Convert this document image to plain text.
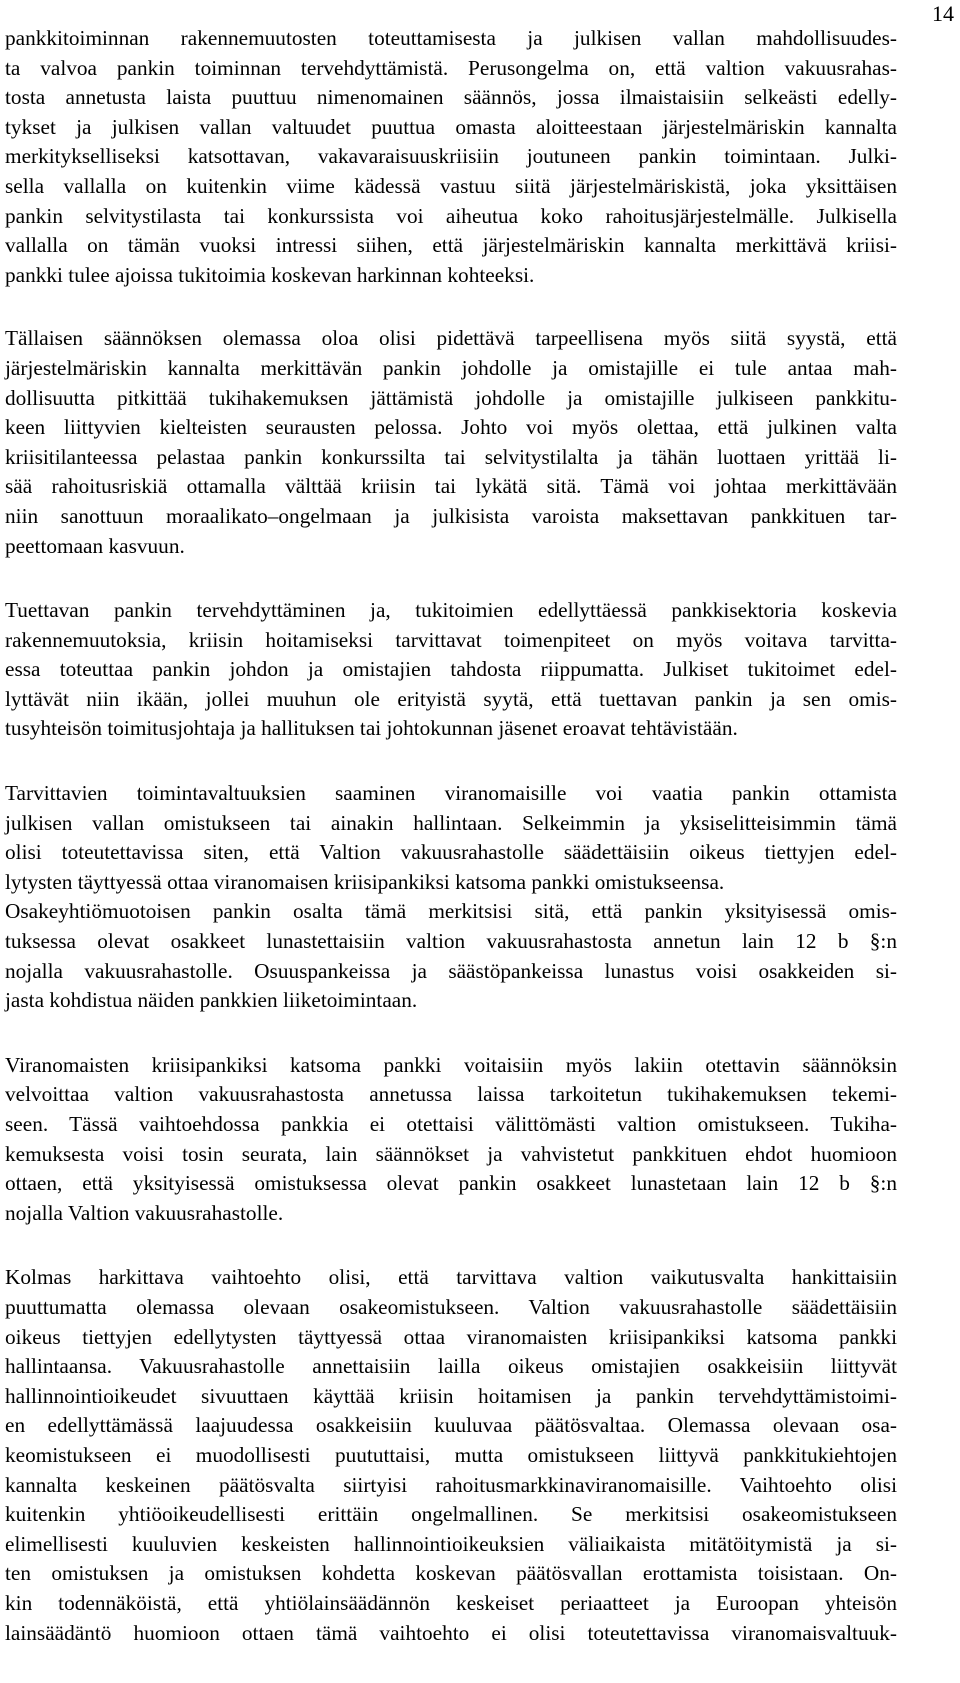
14
pankkitoiminnan rakennemuutosten toteuttamisesta ja julkisen vallan mahdollisuudes-
ta valvoa pankin toiminnan tervehdyttämistä. Perusongelma on, että valtion vakuusrahas-
tosta annetusta laista puuttuu nimenomainen säännös, jossa ilmaistaisiin selkeästi edelly-
tykset ja julkisen vallan valtuudet puuttua omasta aloitteestaan järjestelmäriskin kannalta
merkitykselliseksi katsottavan, vakavaraisuuskriisiin joutuneen pankin toimintaan. Julki-
sella vallalla on kuitenkin viime kädessä vastuu siitä järjestelmäriskistä, joka yksittäisen
pankin selvitystilasta tai konkurssista voi aiheutua koko rahoitusjärjestelmälle. Julkisella
vallalla on tämän vuoksi intressi siihen, että järjestelmäriskin kannalta merkittävä kriisi-
pankki tulee ajoissa tukitoimia koskevan harkinnan kohteeksi.
Tällaisen säännöksen olemassa oloa olisi pidettävä tarpeellisena myös siitä syystä, että
järjestelmäriskin kannalta merkittävän pankin johdolle ja omistajille ei tule antaa mah-
dollisuutta pitkittää tukihakemuksen jättämistä johdolle ja omistajille julkiseen pankkitu-
keen liittyvien kielteisten seurausten pelossa. Johto voi myös olettaa, että julkinen valta
kriisitilanteessa pelastaa pankin konkurssilta tai selvitystilalta ja tähän luottaen yrittää li-
sää rahoitusriskiä ottamalla välttää kriisin tai lykätä sitä. Tämä voi johtaa merkittävään
niin sanottuun moraalikato–ongelmaan ja julkisista varoista maksettavan pankkituen tar-
peettomaan kasvuun.
Tuettavan pankin tervehdyttäminen ja, tukitoimien edellyttäessä pankkisektoria koskevia
rakennemuutoksia, kriisin hoitamiseksi tarvittavat toimenpiteet on myös voitava tarvitta-
essa toteuttaa pankin johdon ja omistajien tahdosta riippumatta. Julkiset tukitoimet edel-
lyttävät niin ikään, jollei muuhun ole erityistä syytä, että tuettavan pankin ja sen omis-
tusyhteisön toimitusjohtaja ja hallituksen tai johtokunnan jäsenet eroavat tehtävistään.
Tarvittavien toimintavaltuuksien saaminen viranomaisille voi vaatia pankin ottamista
julkisen vallan omistukseen tai ainakin hallintaan. Selkeimmin ja yksiselitteisimmin tämä
olisi toteutettavissa siten, että Valtion vakuusrahastolle säädettäisiin oikeus tiettyjen edel-
lytysten täyttyessä ottaa viranomaisen kriisipankiksi katsoma pankki omistukseensa.
Osakeyhtiömuotoisen pankin osalta tämä merkitsisi sitä, että pankin yksityisessä omis-
tuksessa olevat osakkeet lunastettaisiin valtion vakuusrahastosta annetun lain 12 b §:n
nojalla vakuusrahastolle. Osuuspankeissa ja säästöpankeissa lunastus voisi osakkeiden si-
jasta kohdistua näiden pankkien liiketoimintaan.
Viranomaisten kriisipankiksi katsoma pankki voitaisiin myös lakiin otettavin säännöksin
velvoittaa valtion vakuusrahastosta annetussa laissa tarkoitetun tukihakemuksen tekemi-
seen. Tässä vaihtoehdossa pankkia ei otettaisi välittömästi valtion omistukseen. Tukiha-
kemuksesta voisi tosin seurata, lain säännökset ja vahvistetut pankkituen ehdot huomioon
ottaen, että yksityisessä omistuksessa olevat pankin osakkeet lunastetaan lain 12 b §:n
nojalla Valtion vakuusrahastolle.
Kolmas harkittava vaihtoehto olisi, että tarvittava valtion vaikutusvalta hankittaisiin
puuttumatta olemassa olevaan osakeomistukseen. Valtion vakuusrahastolle säädettäisiin
oikeus tiettyjen edellytysten täyttyessä ottaa viranomaisten kriisipankiksi katsoma pankki
hallintaansa. Vakuusrahastolle annettaisiin lailla oikeus omistajien osakkeisiin liittyvät
hallinnointioikeudet sivuuttaen käyttää kriisin hoitamisen ja pankin tervehdyttämistoimi-
en edellyttämässä laajuudessa osakkeisiin kuuluvaa päätösvaltaa. Olemassa olevaan osa-
keomistukseen ei muodollisesti puututtaisi, mutta omistukseen liittyvä pankkitukiehtojen
kannalta keskeinen päätösvalta siirtyisi rahoitusmarkkinaviranomaisille. Vaihtoehto olisi
kuitenkin yhtiöoikeudellisesti erittäin ongelmallinen. Se merkitsisi osakeomistukseen
elimellisesti kuuluvien keskeisten hallinnointioikeuksien väliaikaista mitätöitymistä ja si-
ten omistuksen ja omistuksen kohdetta koskevan päätösvallan erottamista toisistaan. On-
kin todennäköistä, että yhtiölainsäädännön keskeiset periaatteet ja Euroopan yhteisön
lainsäädäntö huomioon ottaen tämä vaihtoehto ei olisi toteutettavissa viranomaisvaltuuk-
